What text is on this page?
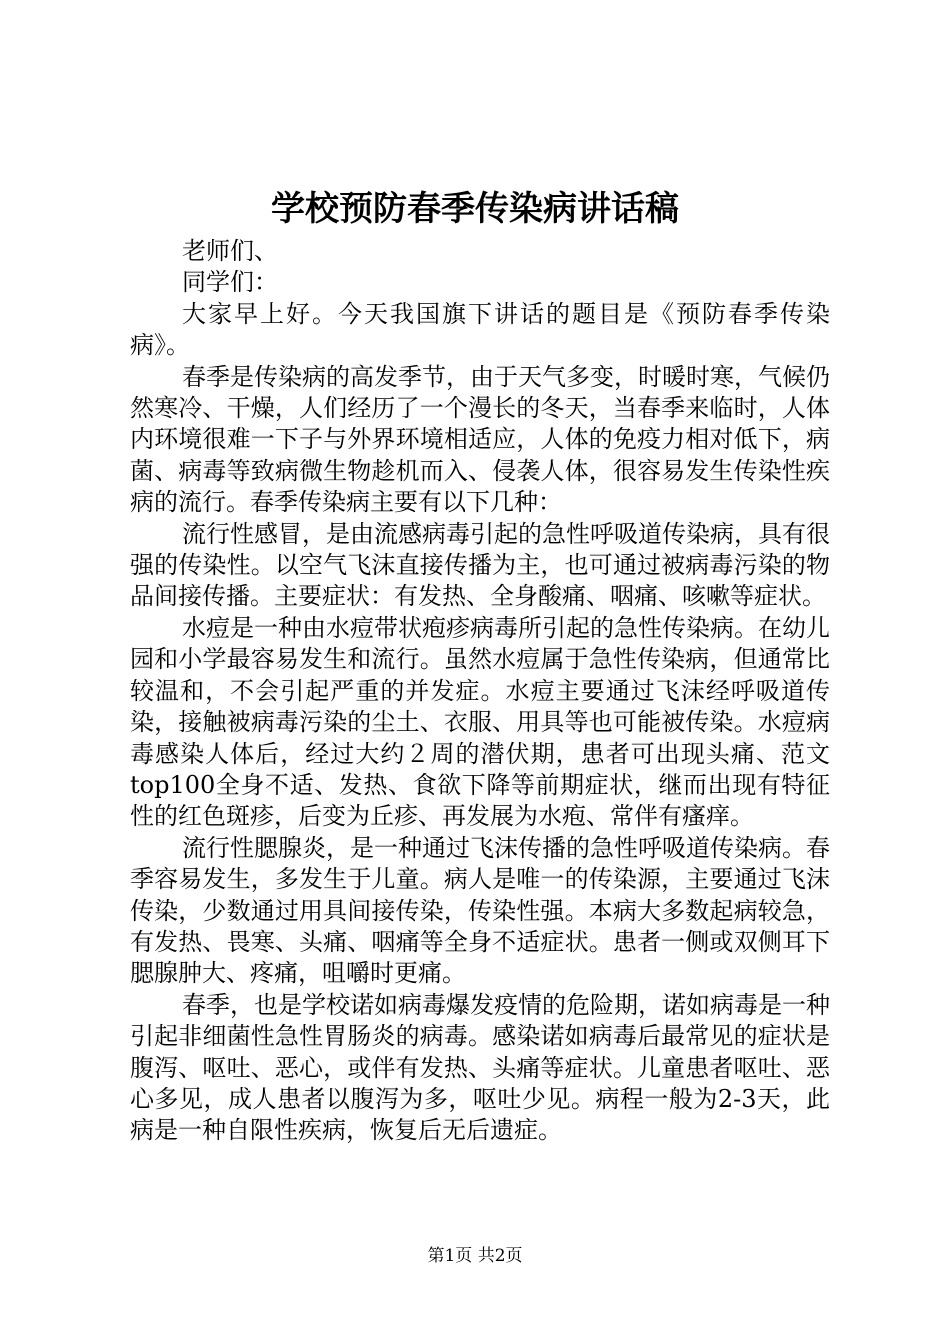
学校预防春季传染病讲话稿

老师们、

同学们：

大家早上好。今天我国旗下讲话的题目是《预防春季传染病》。

春季是传染病的高发季节，由于天气多变，时暖时寒，气候仍然寒冷、干燥，人们经历了一个漫长的冬天，当春季来临时，人体内环境很难一下子与外界环境相适应，人体的免疫力相对低下，病菌、病毒等致病微生物趁机而入、侵袭人体，很容易发生传染性疾病的流行。春季传染病主要有以下几种：

流行性感冒，是由流感病毒引起的急性呼吸道传染病，具有很强的传染性。以空气飞沫直接传播为主，也可通过被病毒污染的物品间接传播。主要症状：有发热、全身酸痛、咽痛、咳嗽等症状。

水痘是一种由水痘带状疱疹病毒所引起的急性传染病。在幼儿园和小学最容易发生和流行。虽然水痘属于急性传染病，但通常比较温和，不会引起严重的并发症。水痘主要通过飞沫经呼吸道传染，接触被病毒污染的尘土、衣服、用具等也可能被传染。水痘病毒感染人体后，经过大约２周的潜伏期，患者可出现头痛、范文top100全身不适、发热、食欲下降等前期症状，继而出现有特征性的红色斑疹，后变为丘疹、再发展为水疱、常伴有瘙痒。

流行性腮腺炎，是一种通过飞沫传播的急性呼吸道传染病。春季容易发生，多发生于儿童。病人是唯一的传染源，主要通过飞沫传染，少数通过用具间接传染，传染性强。本病大多数起病较急，有发热、畏寒、头痛、咽痛等全身不适症状。患者一侧或双侧耳下腮腺肿大、疼痛，咀嚼时更痛。

春季，也是学校诺如病毒爆发疫情的危险期，诺如病毒是一种引起非细菌性急性胃肠炎的病毒。感染诺如病毒后最常见的症状是腹泻、呕吐、恶心，或伴有发热、头痛等症状。儿童患者呕吐、恶心多见，成人患者以腹泻为多，呕吐少见。病程一般为2-3天，此病是一种自限性疾病，恢复后无后遗症。

第1页 共2页
